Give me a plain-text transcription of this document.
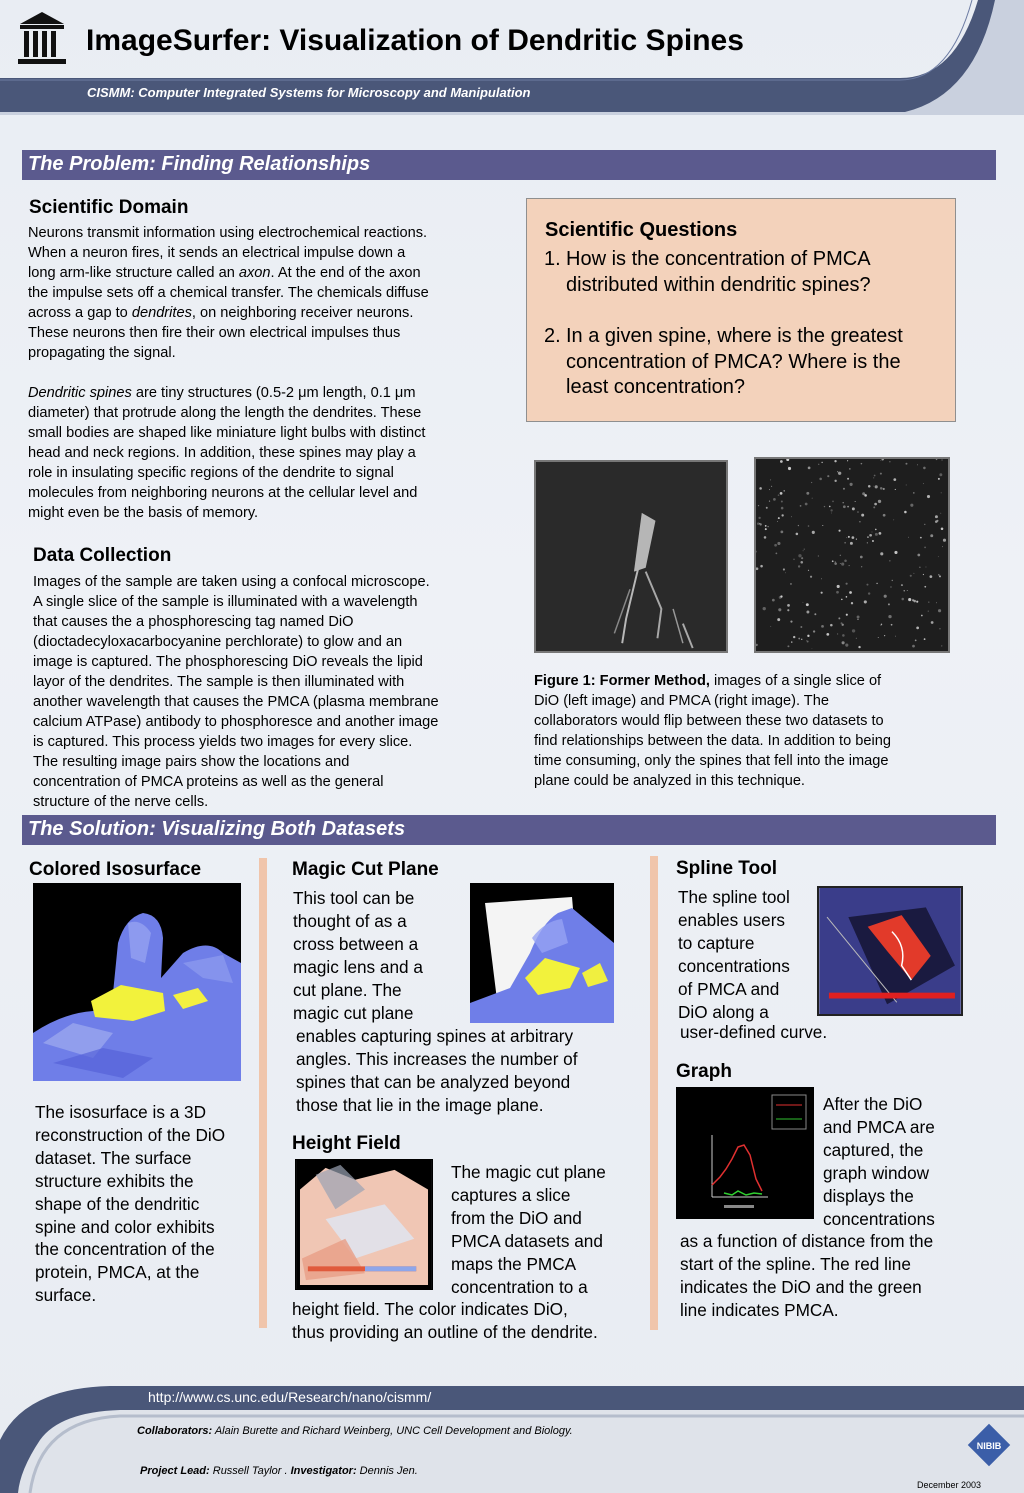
ImageSurfer: Visualization of Dendritic Spines
CISMM: Computer Integrated Systems for Microscopy and Manipulation
The Problem: Finding Relationships
Scientific Domain
Neurons transmit information using electrochemical reactions.
When a neuron fires, it sends an electrical impulse down a
long arm-like structure called an axon. At the end of the axon
the impulse sets off a chemical transfer. The chemicals diffuse
across a gap to dendrites, on neighboring receiver neurons.
These neurons then fire their own electrical impulses thus
propagating the signal.

Dendritic spines are tiny structures (0.5-2 μm length, 0.1 μm
diameter) that protrude along the length the dendrites. These
small bodies are shaped like miniature light bulbs with distinct
head and neck regions. In addition, these spines may play a
role in insulating specific regions of the dendrite to signal
molecules from neighboring neurons at the cellular level and
might even be the basis of memory.
Data Collection
Images of the sample are taken using a confocal microscope.
A single slice of the sample is illuminated with a wavelength
that causes the a phosphorescing tag named DiO
(dioctadecyloxacarbocyanine perchlorate) to glow and an
image is captured. The phosphorescing DiO reveals the lipid
layor of the dendrites. The sample is then illuminated with
another wavelength that causes the PMCA (plasma membrane
calcium ATPase) antibody to phosphoresce and another image
is captured. This process yields two images for every slice.
The resulting image pairs show the locations and
concentration of PMCA proteins as well as the general
structure of the nerve cells.
Scientific Questions
1. How is the concentration of PMCA
distributed within dendritic spines?
2. In a given spine, where is the greatest
concentration of PMCA? Where is the
least concentration?
Figure 1: Former Method, images of a single slice of
DiO (left image) and PMCA (right image). The
collaborators would flip between these two datasets to
find relationships between the data. In addition to being
time consuming, only the spines that fell into the image
plane could be analyzed in this technique.
The Solution: Visualizing Both Datasets
Colored Isosurface
The isosurface is a 3D
reconstruction of the DiO
dataset. The surface
structure exhibits the
shape of the dendritic
spine and color exhibits
the concentration of the
protein, PMCA, at the
surface.
Magic Cut Plane
This tool can be
thought of as a
cross between a
magic lens and a
cut plane. The
magic cut plane
enables capturing spines at arbitrary
angles. This increases the number of
spines that can be analyzed beyond
those that lie in the image plane.
Height Field
The magic cut plane
captures a slice
from the DiO and
PMCA datasets and
maps the PMCA
concentration to a
height field. The color indicates DiO,
thus providing an outline of the dendrite.
Spline Tool
The spline tool
enables users
to capture
concentrations
of PMCA and
DiO along a
user-defined curve.
Graph
After the DiO
and PMCA are
captured, the
graph window
displays the
concentrations
as a function of distance from the
start of the spline. The red line
indicates the DiO and the green
line indicates PMCA.
http://www.cs.unc.edu/Research/nano/cismm/
Collaborators: Alain Burette and Richard Weinberg, UNC Cell Development and Biology.
Project Lead: Russell Taylor . Investigator: Dennis Jen.
NIBIB
December 2003
